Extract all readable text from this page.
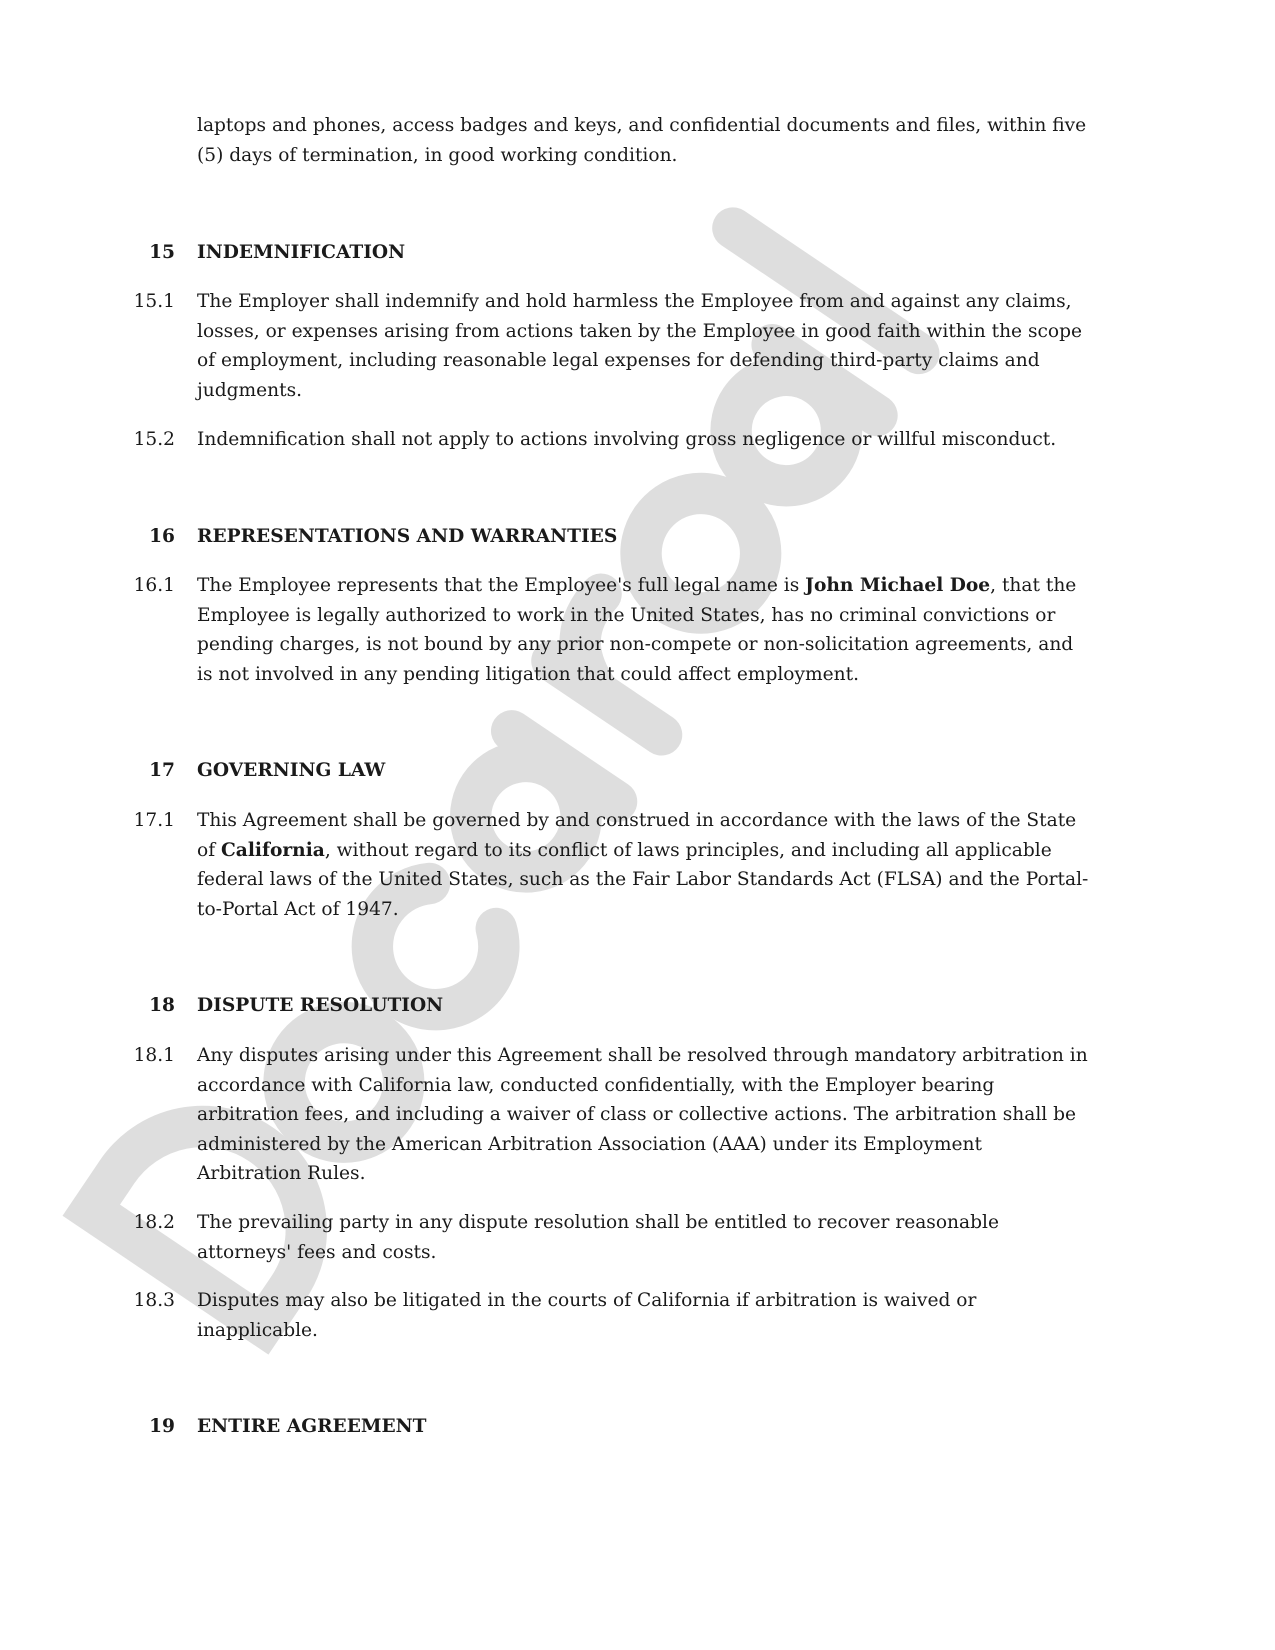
laptops and phones, access badges and keys, and confidential documents and files, within five
(5) days of termination, in good working condition.
15 INDEMNIFICATION
15.1 The Employer shall indemnify and hold harmless the Employee from and against any claims,
losses, or expenses arising from actions taken by the Employee in good faith within the scope
of employment, including reasonable legal expenses for defending third-party claims and
judgments.
15.2 Indemnification shall not apply to actions involving gross negligence or willful misconduct.
16 REPRESENTATIONS AND WARRANTIES
16.1 The Employee represents that the Employee's full legal name is John Michael Doe, that the
Employee is legally authorized to work in the United States, has no criminal convictions or
pending charges, is not bound by any prior non-compete or non-solicitation agreements, and
is not involved in any pending litigation that could affect employment.
17 GOVERNING LAW
17.1 This Agreement shall be governed by and construed in accordance with the laws of the State
of California, without regard to its conflict of laws principles, and including all applicable
federal laws of the United States, such as the Fair Labor Standards Act (FLSA) and the Portal-
to-Portal Act of 1947.
18 DISPUTE RESOLUTION
18.1 Any disputes arising under this Agreement shall be resolved through mandatory arbitration in
accordance with California law, conducted confidentially, with the Employer bearing
arbitration fees, and including a waiver of class or collective actions. The arbitration shall be
administered by the American Arbitration Association (AAA) under its Employment
Arbitration Rules.
18.2 The prevailing party in any dispute resolution shall be entitled to recover reasonable
attorneys' fees and costs.
18.3 Disputes may also be litigated in the courts of California if arbitration is waived or
inapplicable.
19 ENTIRE AGREEMENT
